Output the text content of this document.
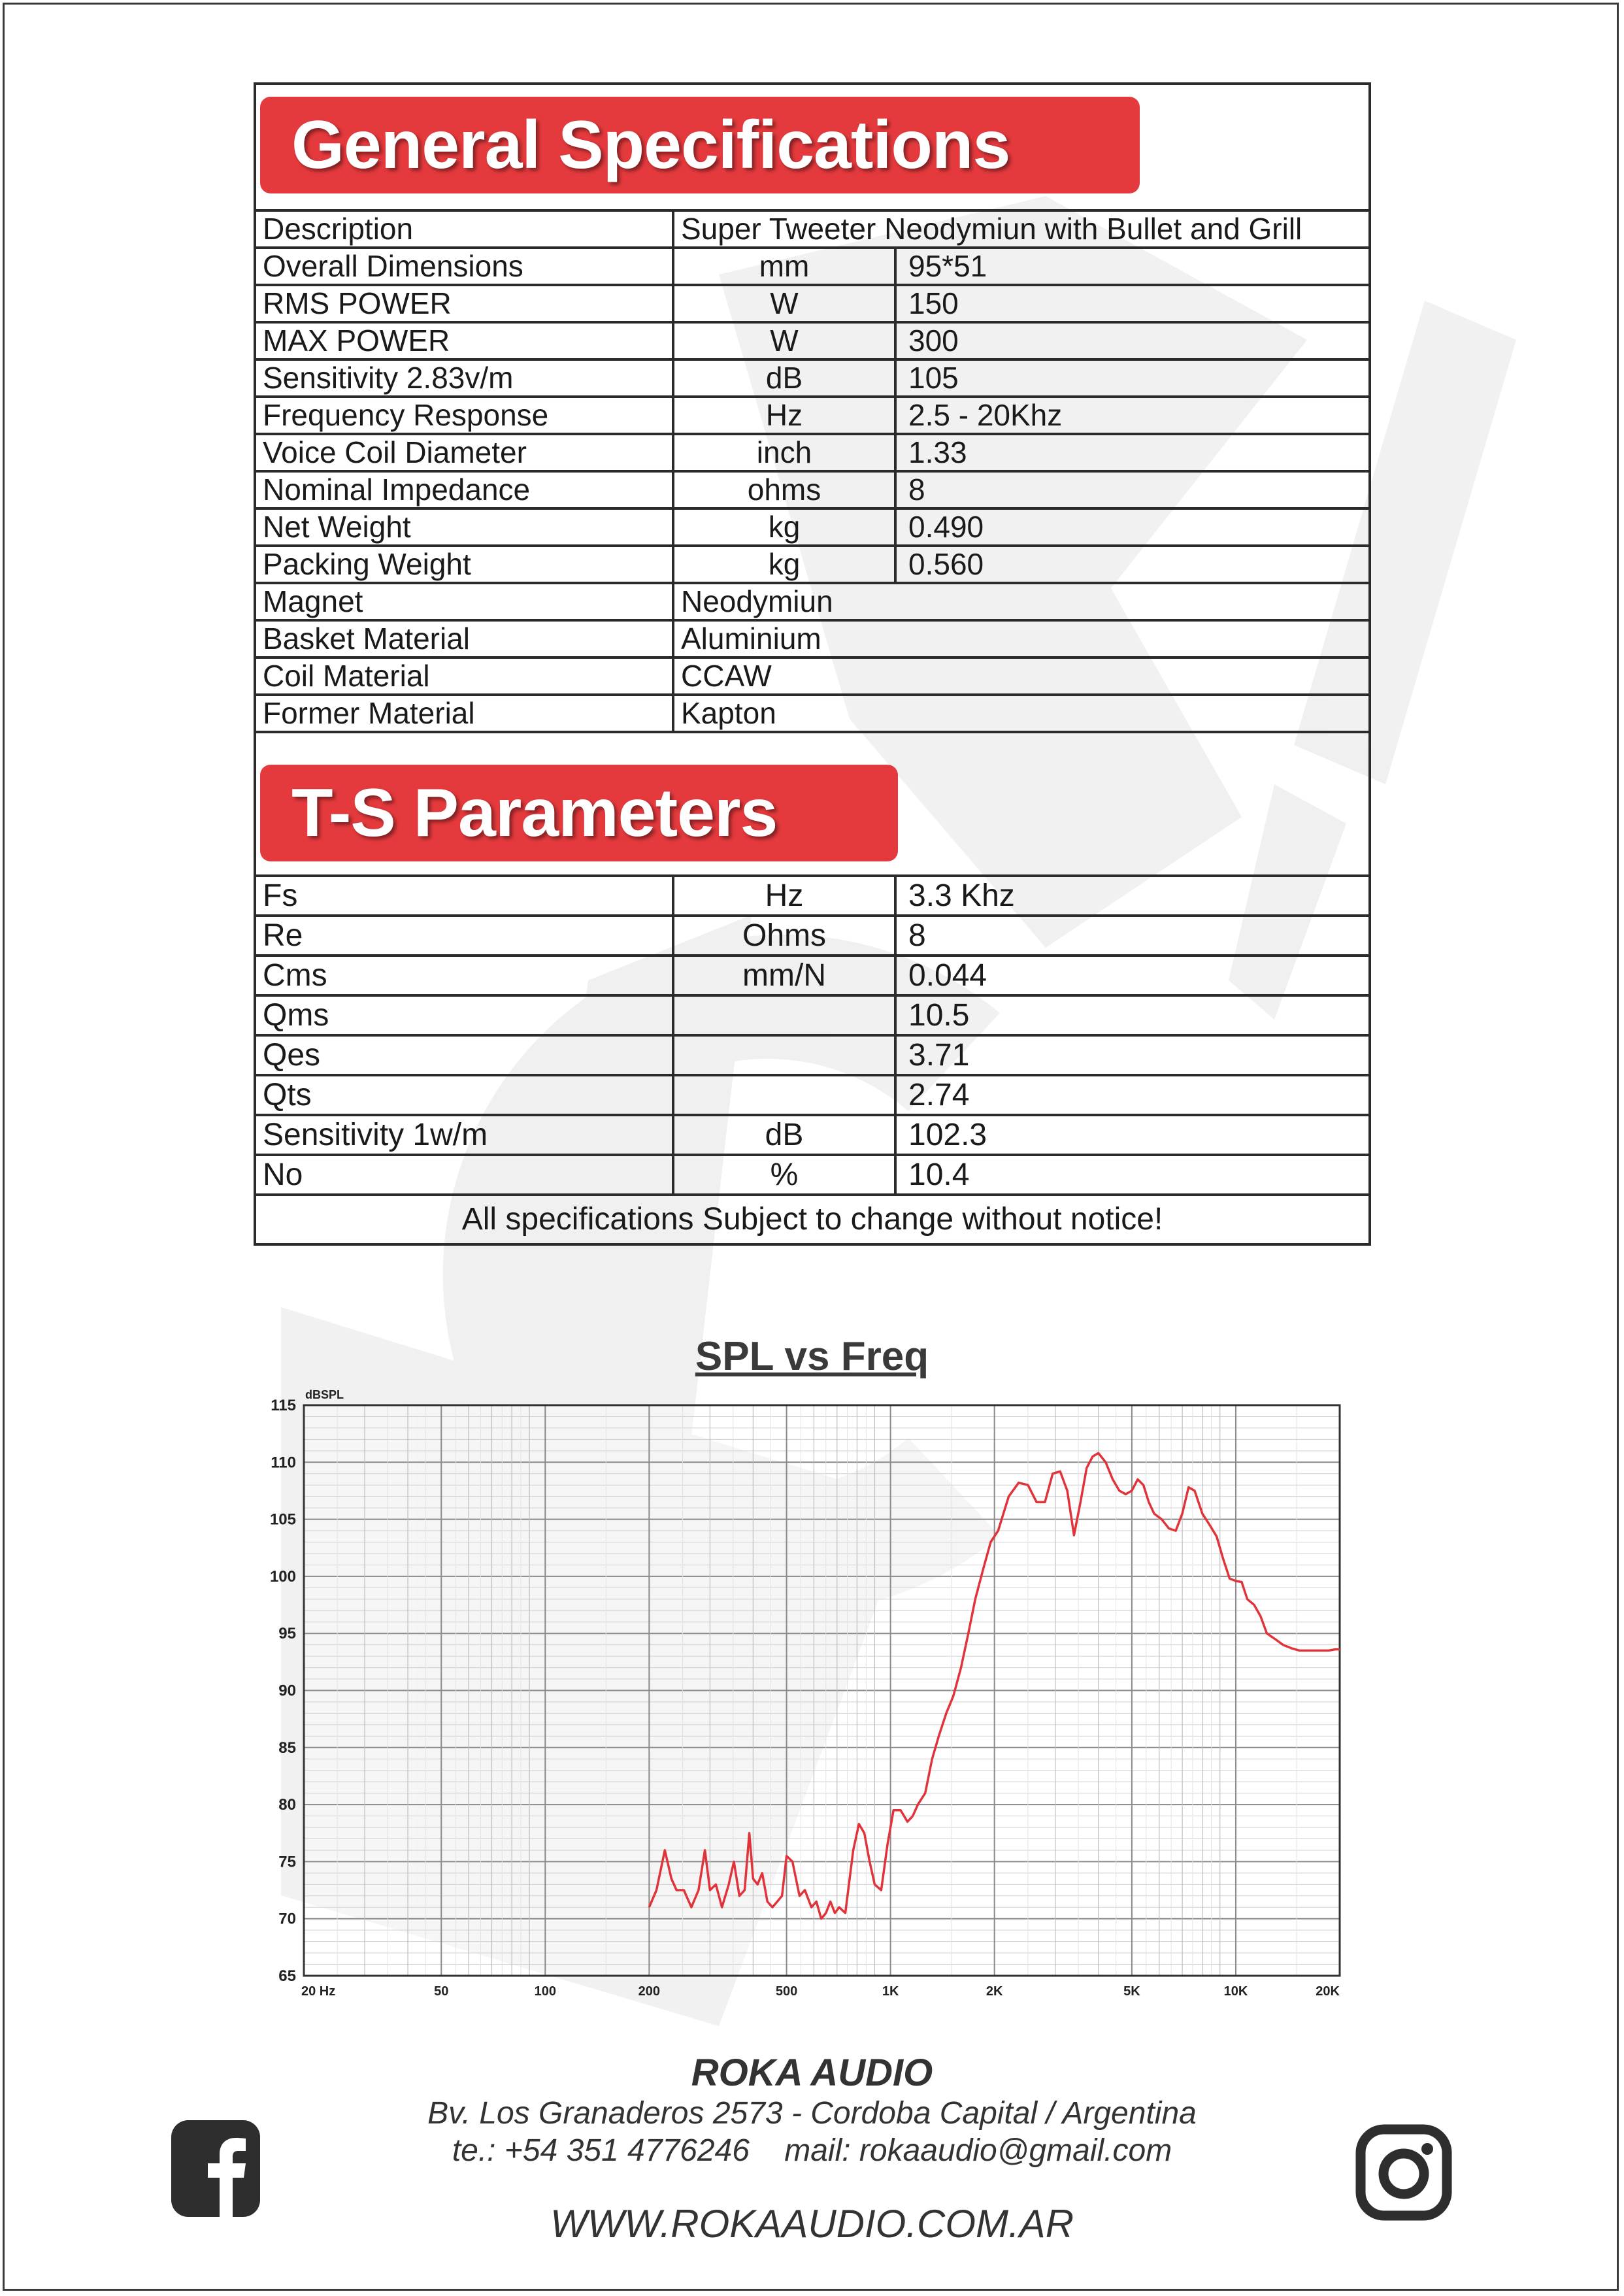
General Specifications
Description	Super Tweeter Neodymiun with Bullet and Grill	
Overall Dimensions	mm	95*51
RMS POWER	W	150
MAX POWER	W	300
Sensitivity 2.83v/m	dB	105
Frequency Response	Hz	2.5 - 20Khz
Voice Coil Diameter	inch	1.33
Nominal Impedance	ohms	8
Net Weight	kg	0.490
Packing Weight	kg	0.560
Magnet	Neodymiun	
Basket Material	Aluminium	
Coil Material	CCAW	
Former Material	Kapton	
T-S Parameters
Fs	Hz	3.3 Khz
Re	Ohms	8
Cms	mm/N	0.044
Qms		10.5
Qes		3.71
Qts		2.74
Sensitivity 1w/m	dB	102.3
No	%	10.4
All specifications Subject to change without notice!
SPL vs Freq
65
70
75
80
85
90
95
100
105
110
115
dBSPL
20 Hz	50	100	200	500	1K	2K	5K	10K	20K
ROKA AUDIO
Bv. Los Granaderos 2573 - Cordoba Capital / Argentina
te.: +54 351 4776246    mail: rokaaudio@gmail.com
WWW.ROKAAUDIO.COM.AR
